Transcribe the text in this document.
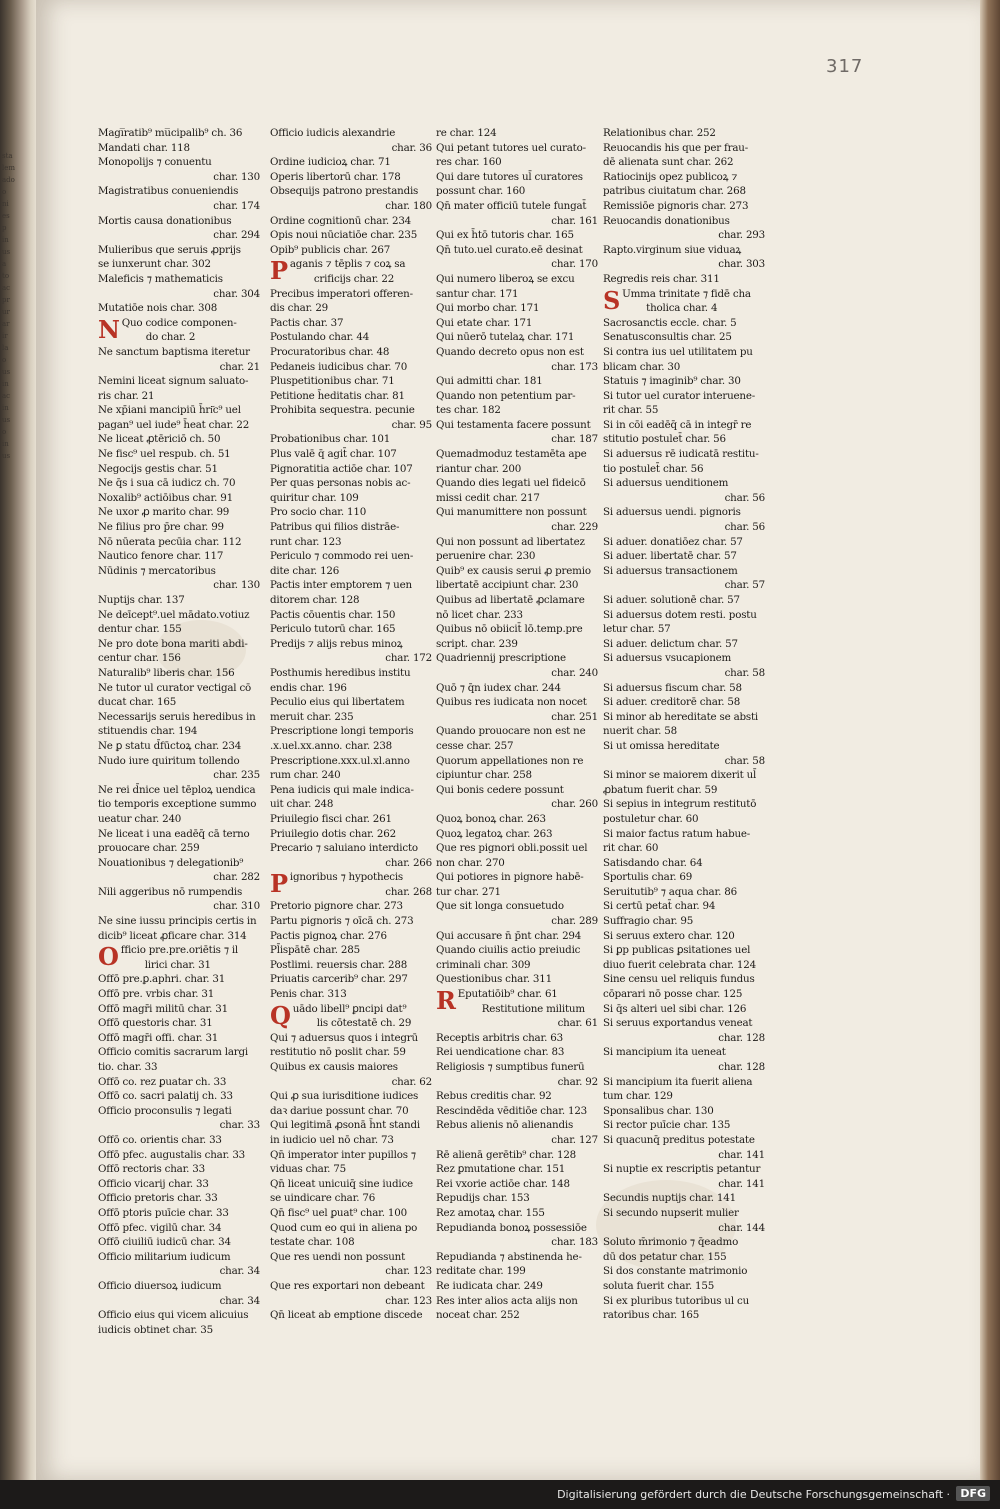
sta
lem
ado
o
ni
es
p
in
us
a
to
ac
pr
ur
ar
ir
la
o
us
in
ac
in
us
o
in
us
317
Magi̅ratib⁹ mu̅cipalib⁹ ch. 36
Mandati char. 118
Monopolijs ⁊ conuentu
char. 130
Magistratibus conueniendis
char. 174
Mortis causa donationibus
char. 294
Mulieribus que seruis ꝓprijs
se iunxerunt char. 302
Maleficis ⁊ mathematicis
char. 304
Mutatiōe nois char. 308
N Quo codice componen-
do char. 2
Ne sanctum baptisma iteretur
char. 21
Nemini liceat signum saluato-
ris char. 21
Ne xp̄iani mancipiū h̄ri͂c⁹ uel
pagan⁹ uel iude⁹ h̄eat char. 22
Ne liceat ꝓtēriciō ch. 50
Ne fisc⁹ uel respub. ch. 51
Negocijs gestis char. 51
Ne q̄s i sua cā iudicz ch. 70
Noxalib⁹ actiōibus char. 91
Ne uxor ꝓ marito char. 99
Ne filius pro p̄re char. 99
Nō nūerata pecūia char. 112
Nautico fenore char. 117
Nūdinis ⁊ mercatoribus
char. 130
Nuptijs char. 137
Ne deīcept⁹.uel mādato.votiuz
dentur char. 155
Ne pro dote bona mariti abdi-
centur char. 156
Naturalib⁹ liberis char. 156
Ne tutor ul curator vectigal cō
ducat char. 165
Necessarijs seruis heredibus in
stituendis char. 194
Ne ꝑ statu d̄fūctoꝝ char. 234
Nudo iure quiritum tollendo
char. 235
Ne rei d̄nice uel tēploꝝ uendica
tio temporis exceptione summo
ueatur char. 240
Ne liceat i una eadēq̄ cā terno
prouocare char. 259
Nouationibus ⁊ delegationib⁹
char. 282
Nili aggeribus nō rumpendis
char. 310
Ne sine iussu principis certis in
dicib⁹ liceat ꝓficare char. 314
O fficio pre.pre.oriētis ⁊ il
lirici char. 31
Offō pre.ꝑ.aphri. char. 31
Offō pre. vrbis char. 31
Offō magr̄i militū char. 31
Offō questoris char. 31
Offō magr̄i offi. char. 31
Officio comitis sacrarum largi
tio. char. 33
Offō co. rez ꝑuatar ch. 33
Offō co. sacri palatij ch. 33
Officio proconsulis ⁊ legati
char. 33
Offō co. orientis char. 33
Offō pfec. augustalis char. 33
Offō rectoris char. 33
Officio vicarij char. 33
Officio pretoris char. 33
Offō ptoris puīcie char. 33
Offō pfec. vigilū char. 34
Offō ciuiliū iudicū char. 34
Officio militarium iudicum
char. 34
Officio diuersoꝝ iudicum
char. 34
Officio eius qui vicem alicuius
iudicis obtinet char. 35
Officio iudicis alexandrie
char. 36
Ordine iudicioꝝ char. 71
Operis libertorū char. 178
Obsequijs patrono prestandis
char. 180
Ordine cognitionū char. 234
Opis noui nūciatiōe char. 235
Opib⁹ publicis char. 267
P aganis ⁊ tēplis ⁊ coꝝ sa
crificijs char. 22
Precibus imperatori offeren-
dis char. 29
Pactis char. 37
Postulando char. 44
Procuratoribus char. 48
Pedaneis iudicibus char. 70
Pluspetitionibus char. 71
Petitione h̄editatis char. 81
Prohibita sequestra. pecunie
char. 95
Probationibus char. 101
Plus valē q̄ agit̄ char. 107
Pignoratitia actiōe char. 107
Per quas personas nobis ac-
quiritur char. 109
Pro socio char. 110
Patribus qui filios distrāe-
runt char. 123
Periculo ⁊ commodo rei uen-
dite char. 126
Pactis inter emptorem ⁊ uen
ditorem char. 128
Pactis cōuentis char. 150
Periculo tutorū char. 165
Predijs ⁊ alijs rebus minoꝝ
char. 172
Posthumis heredibus institu
endis char. 196
Peculio eius qui libertatem
meruit char. 235
Prescriptione longi temporis
.x.uel.xx.anno. char. 238
Prescriptione.xxx.ul.xl.anno
rum char. 240
Pena iudicis qui male indica-
uit char. 248
Priuilegio fisci char. 261
Priuilegio dotis char. 262
Precario ⁊ saluiano interdicto
char. 266
P ignoribus ⁊ hypothecis
char. 268
Pretorio pignore char. 273
Partu pignoris ⁊ oīcā ch. 273
Pactis pignoꝝ char. 276
Pl̄ispātē char. 285
Postlimi. reuersis char. 288
Priuatis carcerib⁹ char. 297
Penis char. 313
Q uādo libell⁹ ꝑncipi dat⁹
lis cōtestatē ch. 29
Qui ⁊ aduersus quos i integrū
restitutio nō poslit char. 59
Quibus ex causis maiores
char. 62
Qui ꝓ sua iurisditione iudices
daꝛ dariue possunt char. 70
Qui legitimā ꝓsonā h̄nt standi
in iudicio uel nō char. 73
Qn̄ imperator inter pupillos ⁊
viduas char. 75
Qn̄ liceat unicuiq̄ sine iudice
se uindicare char. 76
Qn̄ fisc⁹ uel ꝑuat⁹ char. 100
Quod cum eo qui in aliena po
testate char. 108
Que res uendi non possunt
char. 123
Que res exportari non debeant
char. 123
Qn̄ liceat ab emptione discede
re char. 124
Qui petant tutores uel curato-
res char. 160
Qui dare tutores ul̄ curatores
possunt char. 160
Qn̄ mater officiū tutele fungat̄
char. 161
Qui ex h̄tō tutoris char. 165
Qn̄ tuto.uel curato.eē desinat
char. 170
Qui numero liberoꝝ se excu
santur char. 171
Qui morbo char. 171
Qui etate char. 171
Qui nūerō tutelaꝝ char. 171
Quando decreto opus non est
char. 173
Qui admitti char. 181
Quando non petentium par-
tes char. 182
Qui testamenta facere possunt
char. 187
Quemadmoduz testamēta ape
riantur char. 200
Quando dies legati uel fideicō
missi cedit char. 217
Qui manumittere non possunt
char. 229
Qui non possunt ad libertatez
peruenire char. 230
Quib⁹ ex causis serui ꝓ premio
libertatē accipiunt char. 230
Quibus ad libertatē ꝓclamare
nō licet char. 233
Quibus nō obiicit̄ lō.temp.pre
script. char. 239
Quadriennij prescriptione
char. 240
Quō ⁊ q̄n iudex char. 244
Quibus res iudicata non nocet
char. 251
Quando prouocare non est ne
cesse char. 257
Quorum appellationes non re
cipiuntur char. 258
Qui bonis cedere possunt
char. 260
Quoꝝ bonoꝝ char. 263
Quoꝝ legatoꝝ char. 263
Que res pignori obli.possit uel
non char. 270
Qui potiores in pignore habē-
tur char. 271
Que sit longa consuetudo
char. 289
Qui accusare n̄ p̄nt char. 294
Quando ciuilis actio preiudic
criminali char. 309
Questionibus char. 311
R Eputatiōib⁹ char. 61
Restitutione militum
char. 61
Receptis arbitris char. 63
Rei uendicatione char. 83
Religiosis ⁊ sumptibus funerū
char. 92
Rebus creditis char. 92
Rescindēda vēditiōe char. 123
Rebus alienis nō alienandis
char. 127
Rē alienā gerētib⁹ char. 128
Rez ꝑmutatione char. 151
Rei vxorie actiōe char. 148
Repudijs char. 153
Rez amotaꝝ char. 155
Repudianda bonoꝝ possessiōe
char. 183
Repudianda ⁊ abstinenda he-
reditate char. 199
Re iudicata char. 249
Res inter alios acta alijs non
noceat char. 252
Relationibus char. 252
Reuocandis his que per frau-
dē alienata sunt char. 262
Ratiocinijs opez publicoꝝ ⁊
patribus ciuitatum char. 268
Remissiōe pignoris char. 273
Reuocandis donationibus
char. 293
Rapto.virginum siue viduaꝝ
char. 303
Regredis reis char. 311
S Umma trinitate ⁊ fidē cha
tholica char. 4
Sacrosanctis eccle. char. 5
Senatusconsultis char. 25
Si contra ius uel utilitatem pu
blicam char. 30
Statuis ⁊ imaginib⁹ char. 30
Si tutor uel curator interuene-
rit char. 55
Si in cōi eadēq̄ cā in integr̄ re
stitutio postulet̄ char. 56
Si aduersus rē iudicatā restitu-
tio postulet̄ char. 56
Si aduersus uenditionem
char. 56
Si aduersus uendi. pignoris
char. 56
Si aduer. donatiōez char. 57
Si aduer. libertatē char. 57
Si aduersus transactionem
char. 57
Si aduer. solutionē char. 57
Si aduersus dotem resti. postu
letur char. 57
Si aduer. delictum char. 57
Si aduersus vsucapionem
char. 58
Si aduersus fiscum char. 58
Si aduer. creditorē char. 58
Si minor ab hereditate se absti
nuerit char. 58
Si ut omissa hereditate
char. 58
Si minor se maiorem dixerit ul̄
ꝓbatum fuerit char. 59
Si sepius in integrum restitutō
postuletur char. 60
Si maior factus ratum habue-
rit char. 60
Satisdando char. 64
Sportulis char. 69
Seruitutib⁹ ⁊ aqua char. 86
Si certū petat̄ char. 94
Suffragio char. 95
Si seruus extero char. 120
Si ꝑp publicas ꝑsitationes uel
diuo fuerit celebrata char. 124
Sine censu uel reliquis fundus
cōparari nō posse char. 125
Si q̄s alteri uel sibi char. 126
Si seruus exportandus veneat
char. 128
Si mancipium ita ueneat
char. 128
Si mancipium ita fuerit aliena
tum char. 129
Sponsalibus char. 130
Si rector puīcie char. 135
Si quacunq̄ preditus potestate
char. 141
Si nuptie ex rescriptis petantur
char. 141
Secundis nuptijs char. 141
Si secundo nupserit mulier
char. 144
Soluto m̄rimonio ⁊ q̄eadmo
dū dos petatur char. 155
Si dos constante matrimonio
soluta fuerit char. 155
Si ex pluribus tutoribus ul cu
ratoribus char. 165
Digitalisierung gefördert durch die Deutsche Forschungsgemeinschaft · DFG
